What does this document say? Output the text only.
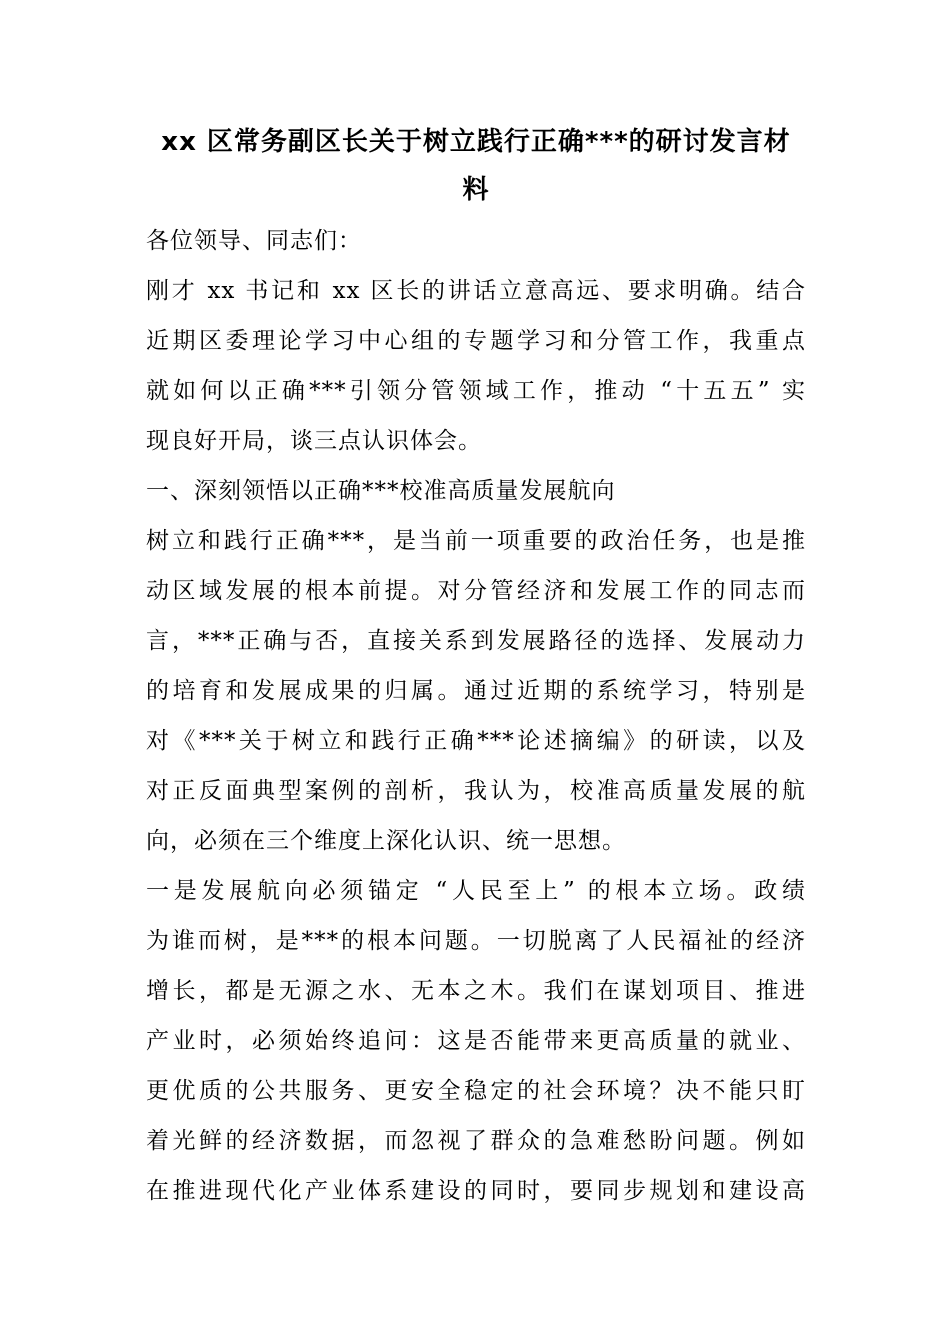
xx 区常务副区长关于树立践行正确***的研讨发言材
料

各位领导、同志们：

刚才 xx 书记和 xx 区长的讲话立意高远、要求明确。结合

近期区委理论学习中心组的专题学习和分管工作，我重点

就如何以正确***引领分管领域工作，推动 “十五五” 实

现良好开局，谈三点认识体会。

一、深刻领悟以正确***校准高质量发展航向

树立和践行正确***，是当前一项重要的政治任务，也是推

动区域发展的根本前提。对分管经济和发展工作的同志而

言，***正确与否，直接关系到发展路径的选择、发展动力

的培育和发展成果的归属。通过近期的系统学习，特别是

对《***关于树立和践行正确***论述摘编》的研读，以及

对正反面典型案例的剖析，我认为，校准高质量发展的航

向，必须在三个维度上深化认识、统一思想。

一是发展航向必须锚定 “人民至上” 的根本立场。政绩

为谁而树，是***的根本问题。一切脱离了人民福祉的经济

增长，都是无源之水、无本之木。我们在谋划项目、推进

产业时，必须始终追问：这是否能带来更高质量的就业、

更优质的公共服务、更安全稳定的社会环境？决不能只盯

着光鲜的经济数据，而忽视了群众的急难愁盼问题。例如

在推进现代化产业体系建设的同时，要同步规划和建设高
